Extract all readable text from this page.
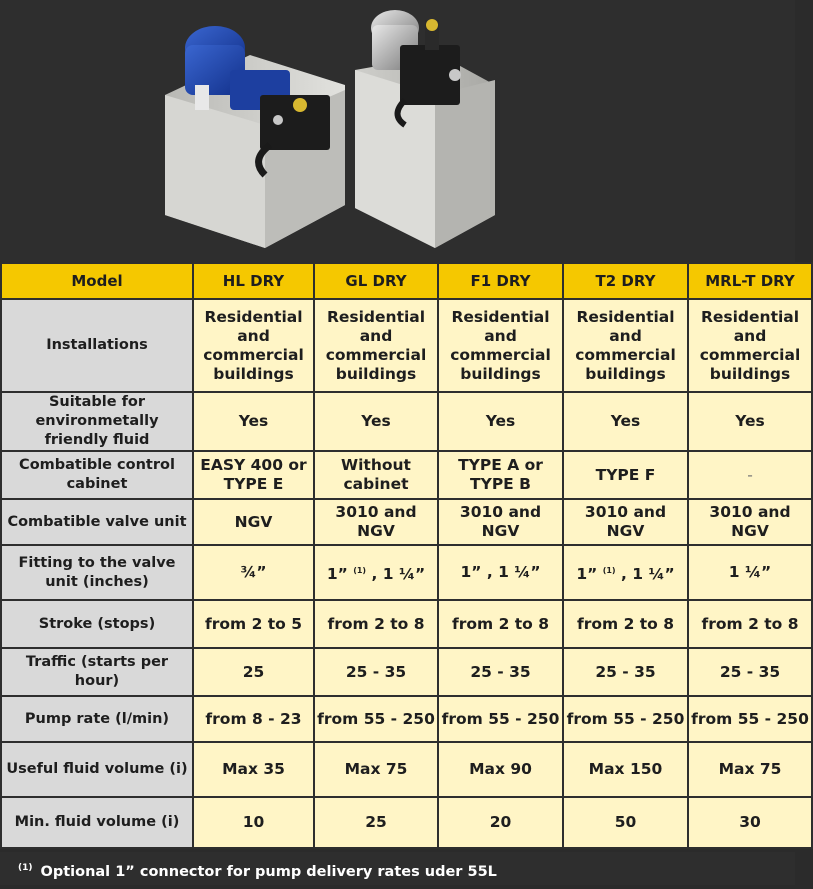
Model	HL DRY	GL DRY	F1 DRY	T2 DRY	MRL-T DRY
Installations	Residential and commercial buildings	Residential and commercial buildings	Residential and commercial buildings	Residential and commercial buildings	Residential and commercial buildings
Suitable for environmetally friendly fluid	Yes	Yes	Yes	Yes	Yes
Combatible control cabinet	EASY 400 or TYPE E	Without cabinet	TYPE A or TYPE B	TYPE F	-
Combatible valve unit	NGV	3010 and NGV	3010 and NGV	3010 and NGV	3010 and NGV
Fitting to the valve unit (inches)	¾”	1” $^{(1)}$ , 1 ¼”	1” , 1 ¼”	1” $^{(1)}$ , 1 ¼”	1 ¼”
Stroke (stops)	from 2 to 5	from 2 to 8	from 2 to 8	from 2 to 8	from 2 to 8
Traffic (starts per hour)	25	25 - 35	25 - 35	25 - 35	25 - 35
Pump rate (l/min)	from 8 - 23	from 55 - 250	from 55 - 250	from 55 - 250	from 55 - 250
Useful fluid volume (i)	Max 35	Max 75	Max 90	Max 150	Max 75
Min. fluid volume (i)	10	25	20	50	30
$^{(1)}$ Optional 1” connector for pump delivery rates uder 55L
